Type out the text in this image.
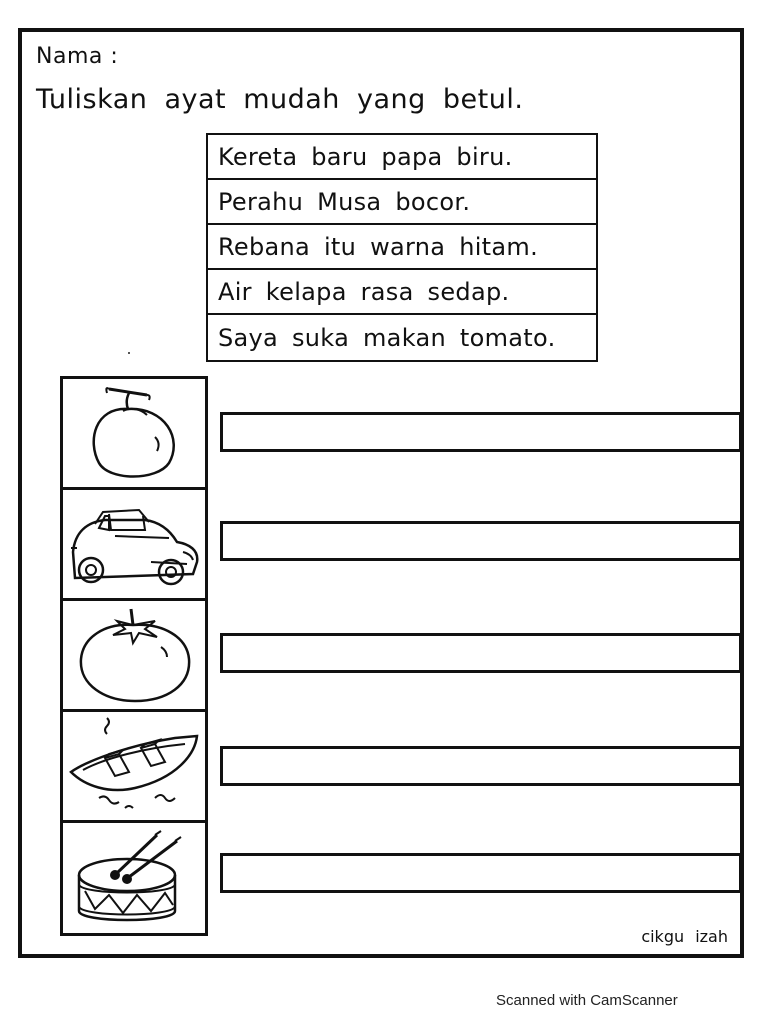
Nama :
Tuliskan ayat mudah yang betul.
Kereta baru papa biru.
Perahu Musa bocor.
Rebana itu warna hitam.
Air kelapa rasa sedap.
Saya suka makan tomato.
cikgu izah
Scanned with CamScanner
